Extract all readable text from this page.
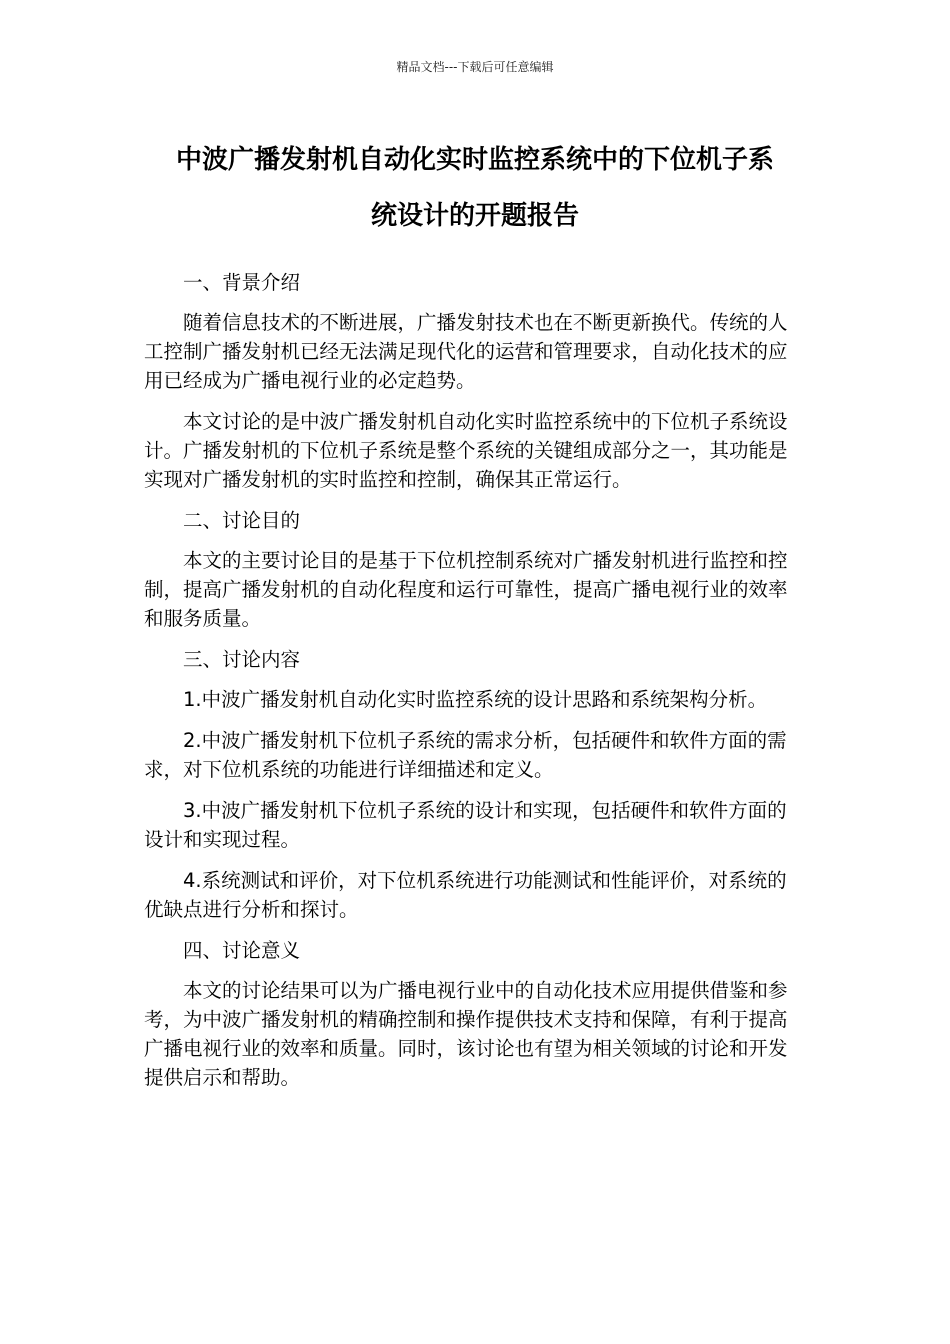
精品文档---下载后可任意编辑
中波广播发射机自动化实时监控系统中的下位机子系
统设计的开题报告

一、背景介绍

随着信息技术的不断进展，广播发射技术也在不断更新换代。传统的人工控制广播发射机已经无法满足现代化的运营和管理要求，自动化技术的应用已经成为广播电视行业的必定趋势。

本文讨论的是中波广播发射机自动化实时监控系统中的下位机子系统设计。广播发射机的下位机子系统是整个系统的关键组成部分之一，其功能是实现对广播发射机的实时监控和控制，确保其正常运行。

二、讨论目的

本文的主要讨论目的是基于下位机控制系统对广播发射机进行监控和控制，提高广播发射机的自动化程度和运行可靠性，提高广播电视行业的效率和服务质量。

三、讨论内容

1.中波广播发射机自动化实时监控系统的设计思路和系统架构分析。

2.中波广播发射机下位机子系统的需求分析，包括硬件和软件方面的需求，对下位机系统的功能进行详细描述和定义。

3.中波广播发射机下位机子系统的设计和实现，包括硬件和软件方面的设计和实现过程。

4.系统测试和评价，对下位机系统进行功能测试和性能评价，对系统的优缺点进行分析和探讨。

四、讨论意义

本文的讨论结果可以为广播电视行业中的自动化技术应用提供借鉴和参考，为中波广播发射机的精确控制和操作提供技术支持和保障，有利于提高广播电视行业的效率和质量。同时，该讨论也有望为相关领域的讨论和开发提供启示和帮助。
